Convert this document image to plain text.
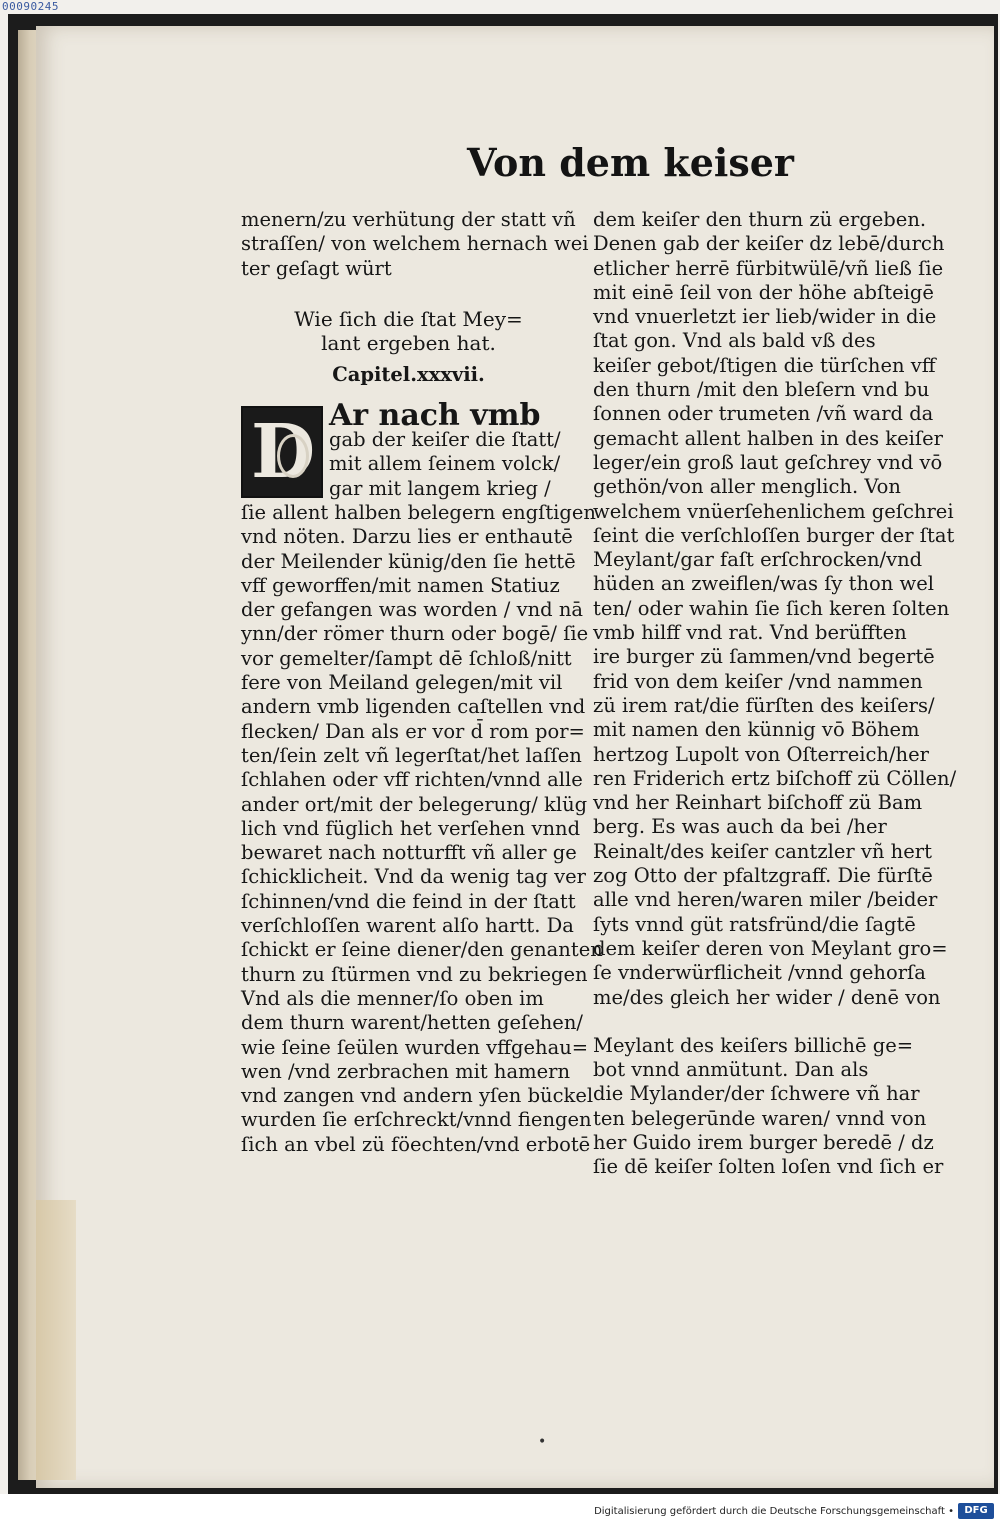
00090245
Von dem keiser
menern/zu verhütung der statt vñ
straſſen/ von welchem hernach wei
ter geſagt würt
Wie ſich die ſtat Mey=
lant ergeben hat.
Capitel.xxxvii.
D Ar nach vmb
gab der keiſer die ſtatt/
mit allem ſeinem volck/
gar mit langem krieg /
ſie allent halben belegern engſtigen
vnd nöten. Darzu lies er enthautē
der Meilender künig/den ſie hettē
vff geworffen/mit namen Statiuz
der gefangen was worden / vnd nā
ynn/der römer thurn oder bogē/ ſie
vor gemelter/ſampt dē ſchloß/nitt
fere von Meiland gelegen/mit vil
andern vmb ligenden caſtellen vnd
flecken/ Dan als er vor d̄ rom por=
ten/ſein zelt vñ legerſtat/het laſſen
ſchlahen oder vff richten/vnnd alle
ander ort/mit der belegerung/ klüg
lich vnd füglich het verſehen vnnd
bewaret nach notturfft vñ aller ge
ſchicklicheit. Vnd da wenig tag ver
ſchinnen/vnd die feind in der ſtatt
verſchloſſen warent alſo hartt. Da
ſchickt er ſeine diener/den genanten
thurn zu ſtürmen vnd zu bekriegen
Vnd als die menner/ſo oben im
dem thurn warent/hetten geſehen/
wie ſeine ſeülen wurden vffgehau=
wen /vnd zerbrachen mit hamern
vnd zangen vnd andern yſen bückel
wurden ſie erſchreckt/vnnd fiengen
ſich an vbel zü föechten/vnd erbotē
dem keiſer den thurn zü ergeben.
Denen gab der keiſer dz lebē/durch
etlicher herrē fürbitwülē/vñ ließ ſie
mit einē ſeil von der höhe abſteigē
vnd vnuerletzt ier lieb/wider in die
ſtat gon. Vnd als bald vß des
keiſer gebot/ſtigen die türſchen vff
den thurn /mit den bleſern vnd bu
ſonnen oder trumeten /vñ ward da
gemacht allent halben in des keiſer
leger/ein groß laut geſchrey vnd vō
gethön/von aller menglich. Von
welchem vnüerſehenlichem geſchrei
ſeint die verſchloſſen burger der ſtat
Meylant/gar faſt erſchrocken/vnd
hüden an zweiflen/was ſy thon wel
ten/ oder wahin ſie ſich keren ſolten
vmb hilff vnd rat. Vnd berüfften
ire burger zü ſammen/vnd begertē
frid von dem keiſer /vnd nammen
zü irem rat/die fürſten des keiſers/
mit namen den künnig vō Böhem
hertzog Lupolt von Oſterreich/her
ren Friderich ertz biſchoff zü Cöllen/
vnd her Reinhart biſchoff zü Bam
berg. Es was auch da bei /her
Reinalt/des keiſer cantzler vñ hert
zog Otto der pfaltzgraff. Die fürſtē
alle vnd heren/waren miler /beider
ſyts vnnd güt ratsfründ/die ſagtē
dem keiſer deren von Meylant gro=
ſe vnderwürflicheit /vnnd gehorſa
me/des gleich her wider / denē von
Meylant des keiſers billichē ge=
bot vnnd anmütunt. Dan als
die Mylander/der ſchwere vñ har
ten belegerūnde waren/ vnnd von
her Guido irem burger beredē / dz
ſie dē keiſer ſolten loſen vnd ſich er
•
Digitalisierung gefördert durch die Deutsche Forschungsgemeinschaft •	DFG
